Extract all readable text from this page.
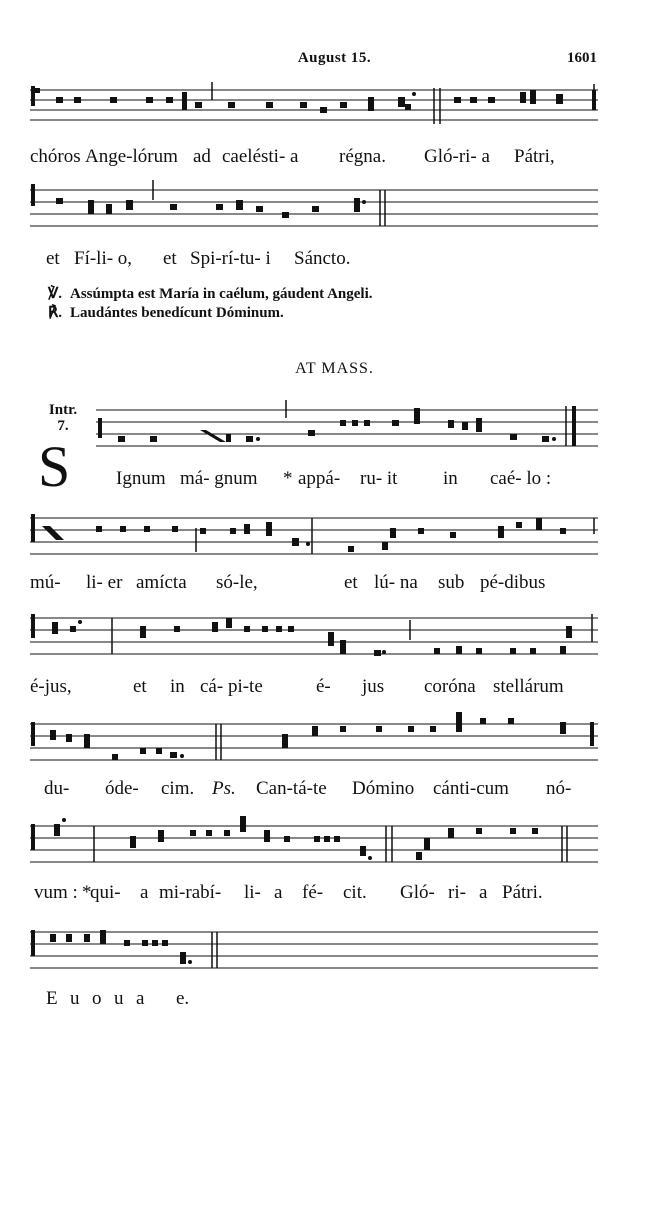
August 15.	1601

chóros

Ange-lórum

ad

caelésti- a

régna.

Gló-ri- a

Pátri,

et

Fí-li- o,

et

Spi-rí-tu- i

Sáncto.

℣. Assúmpta est María in caélum, gáudent Angeli.
℟. Laudántes benedícunt Dóminum.
AT MASS.
Intr.
7.
S

Ignum

má- gnum

*

appá-

ru- it

in

caé- lo :

mú-

li- er

amícta

só-le,

	et

lú- na

sub

pé-dibus

é-jus,

	et

in

cá- pi-te

	é-

jus

coróna

stellárum

du-

óde-

cim.

Ps.

Can-tá-te

Dómino

cánti-cum

nó-

vum :

*

qui-

a

mi-rabí-

li-

a

fé-

cit.

Gló-

ri-

a

Pátri.

E

u

o

u

a

e.
